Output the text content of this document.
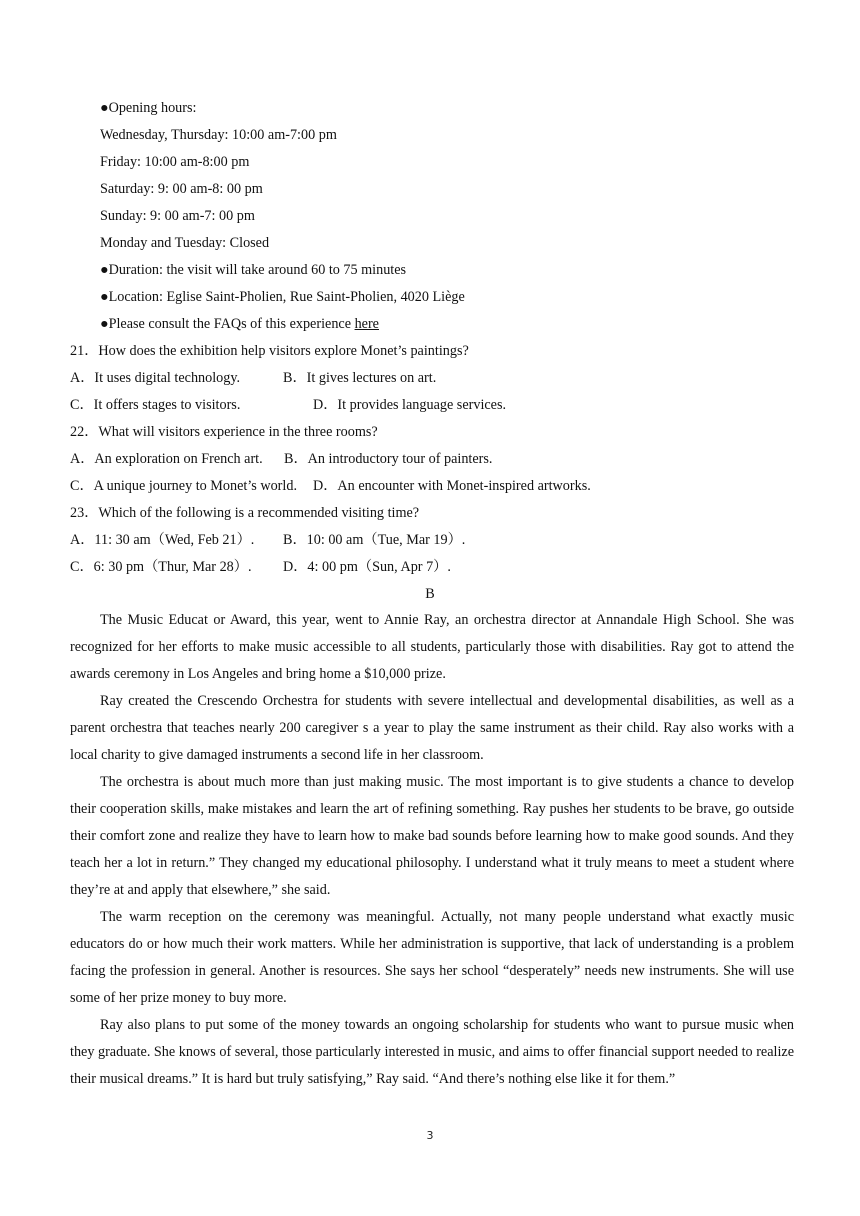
●Opening hours:
Wednesday, Thursday: 10:00 am-7:00 pm
Friday: 10:00 am-8:00 pm
Saturday: 9: 00 am-8: 00 pm
Sunday: 9: 00 am-7: 00 pm
Monday and Tuesday: Closed
●Duration: the visit will take around 60 to 75 minutes
●Location: Eglise Saint-Pholien, Rue Saint-Pholien, 4020 Liège
●Please consult the FAQs of this experience here
21．How does the exhibition help visitors explore Monet’s paintings?
A．It uses digital technology.	B．It gives lectures on art.
C．It offers stages to visitors.	D．It provides language services.
22．What will visitors experience in the three rooms?
A．An exploration on French art. B．An introductory tour of painters.
C．A unique journey to Monet’s world. D．An encounter with Monet-inspired artworks.
23．Which of the following is a recommended visiting time?
A．11: 30 am（Wed, Feb 21）. B．10: 00 am（Tue, Mar 19）.
C．6: 30 pm（Thur, Mar 28）. D．4: 00 pm（Sun, Apr 7）.
B

The Music Educat or Award, this year, went to Annie Ray, an orchestra director at Annandale High School. She was recognized for her efforts to make music accessible to all students, particularly those with disabilities. Ray got to attend the awards ceremony in Los Angeles and bring home a $10,000 prize.

Ray created the Crescendo Orchestra for students with severe intellectual and developmental disabilities, as well as a parent orchestra that teaches nearly 200 caregiver s a year to play the same instrument as their child. Ray also works with a local charity to give damaged instruments a second life in her classroom.

The orchestra is about much more than just making music. The most important is to give students a chance to develop their cooperation skills, make mistakes and learn the art of refining something. Ray pushes her students to be brave, go outside their comfort zone and realize they have to learn how to make bad sounds before learning how to make good sounds. And they teach her a lot in return.” They changed my educational philosophy. I understand what it truly means to meet a student where they’re at and apply that elsewhere,” she said.

The warm reception on the ceremony was meaningful. Actually, not many people understand what exactly music educators do or how much their work matters. While her administration is supportive, that lack of understanding is a problem facing the profession in general. Another is resources. She says her school “desperately” needs new instruments. She will use some of her prize money to buy more.

Ray also plans to put some of the money towards an ongoing scholarship for students who want to pursue music when they graduate. She knows of several, those particularly interested in music, and aims to offer financial support needed to realize their musical dreams.” It is hard but truly satisfying,” Ray said. “And there’s nothing else like it for them.”

3
